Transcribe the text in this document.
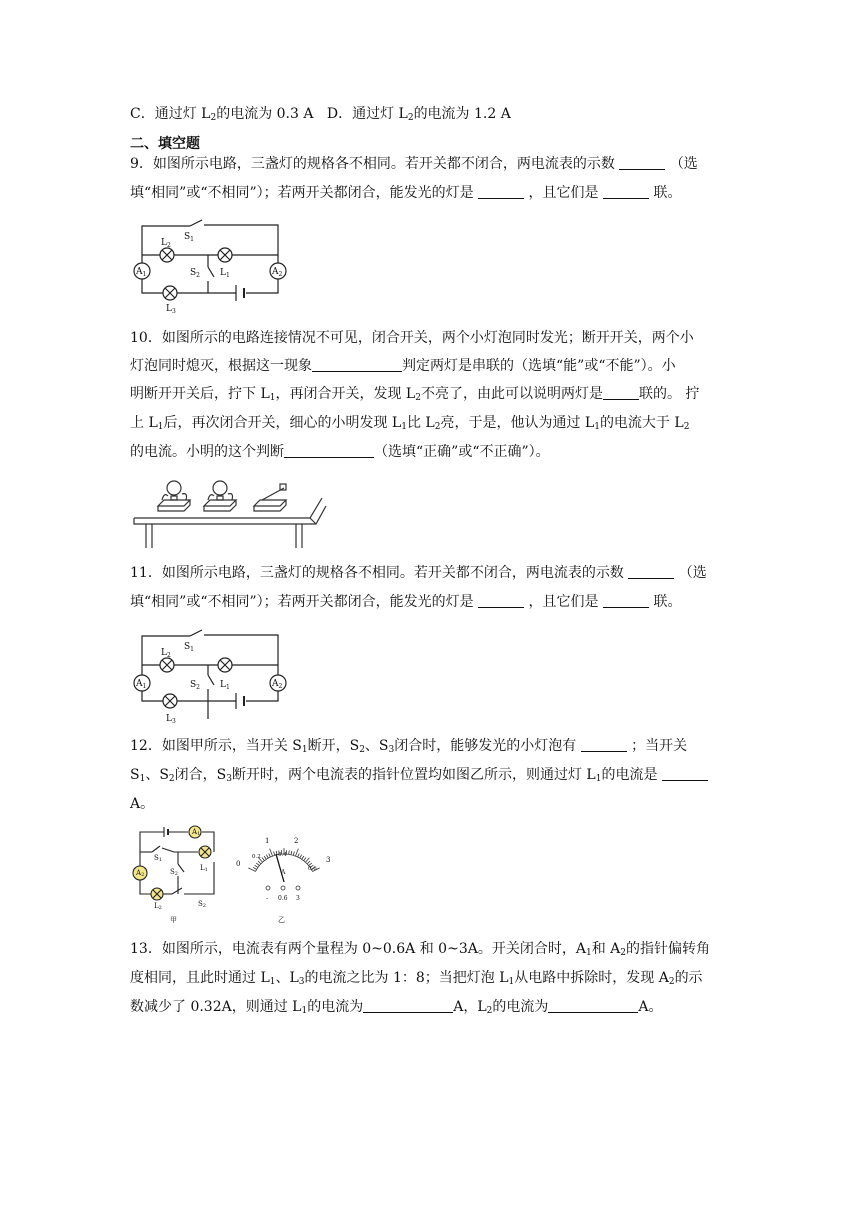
C．通过灯 $L_2$的电流为 0.3 A D．通过灯 $L_2$的电流为 1.2 A
二、填空题
9．如图所示电路，三盏灯的规格各不相同。若开关都不闭合，两电流表的示数	（选
填“相同”或“不相同”）；若两开关都闭合，能发光的灯是	，且它们是	联。
$S_1$
$L_2$
$A_1$	$A_2$
$S_2$ $L_1$
$L_3$
10．如图所示的电路连接情况不可见，闭合开关，两个小灯泡同时发光；断开开关，两个小
灯泡同时熄灭，根据这一现象	判定两灯是串联的（选填“能”或“不能”）。小
明断开开关后，拧下 $L_1$，再闭合开关，发现 $L_2$不亮了，由此可以说明两灯是	联的。 拧
上 $L_1$后，再次闭合开关，细心的小明发现 $L_1$比 $L_2$亮，于是，他认为通过 $L_1$的电流大于 $L_2$
的电流。小明的这个判断	（选填“正确”或“不正确”）。
11．如图所示电路，三盏灯的规格各不相同。若开关都不闭合，两电流表的示数	（选
填“相同”或“不相同”）；若两开关都闭合，能发光的灯是	，且它们是	联。
$S_1$
$L_2$
$A_1$	$A_2$
$S_2$ $L_1$
$L_3$
12．如图甲所示，当开关 $S_1$断开，$S_2$、$S_3$闭合时，能够发光的小灯泡有	；当开关
$S_1$、$S_2$闭合，$S_3$断开时，两个电流表的指针位置均如图乙所示，则通过灯 $L_1$的电流是
A。
A1
A2
S1
S2
L1
L2	S2
甲
0
1	2
3
0.2	0.4
0.6
A
- 0.6 3
乙
13．如图所示，电流表有两个量程为 0~0.6A 和 0~3A。开关闭合时，$A_1$和 $A_2$的指针偏转角
度相同，且此时通过 $L_1$、$L_3$的电流之比为 1：8；当把灯泡 $L_1$从电路中拆除时，发现 $A_2$的示
数减少了 0.32A，则通过 $L_1$的电流为	A，$L_2$的电流为	A。
